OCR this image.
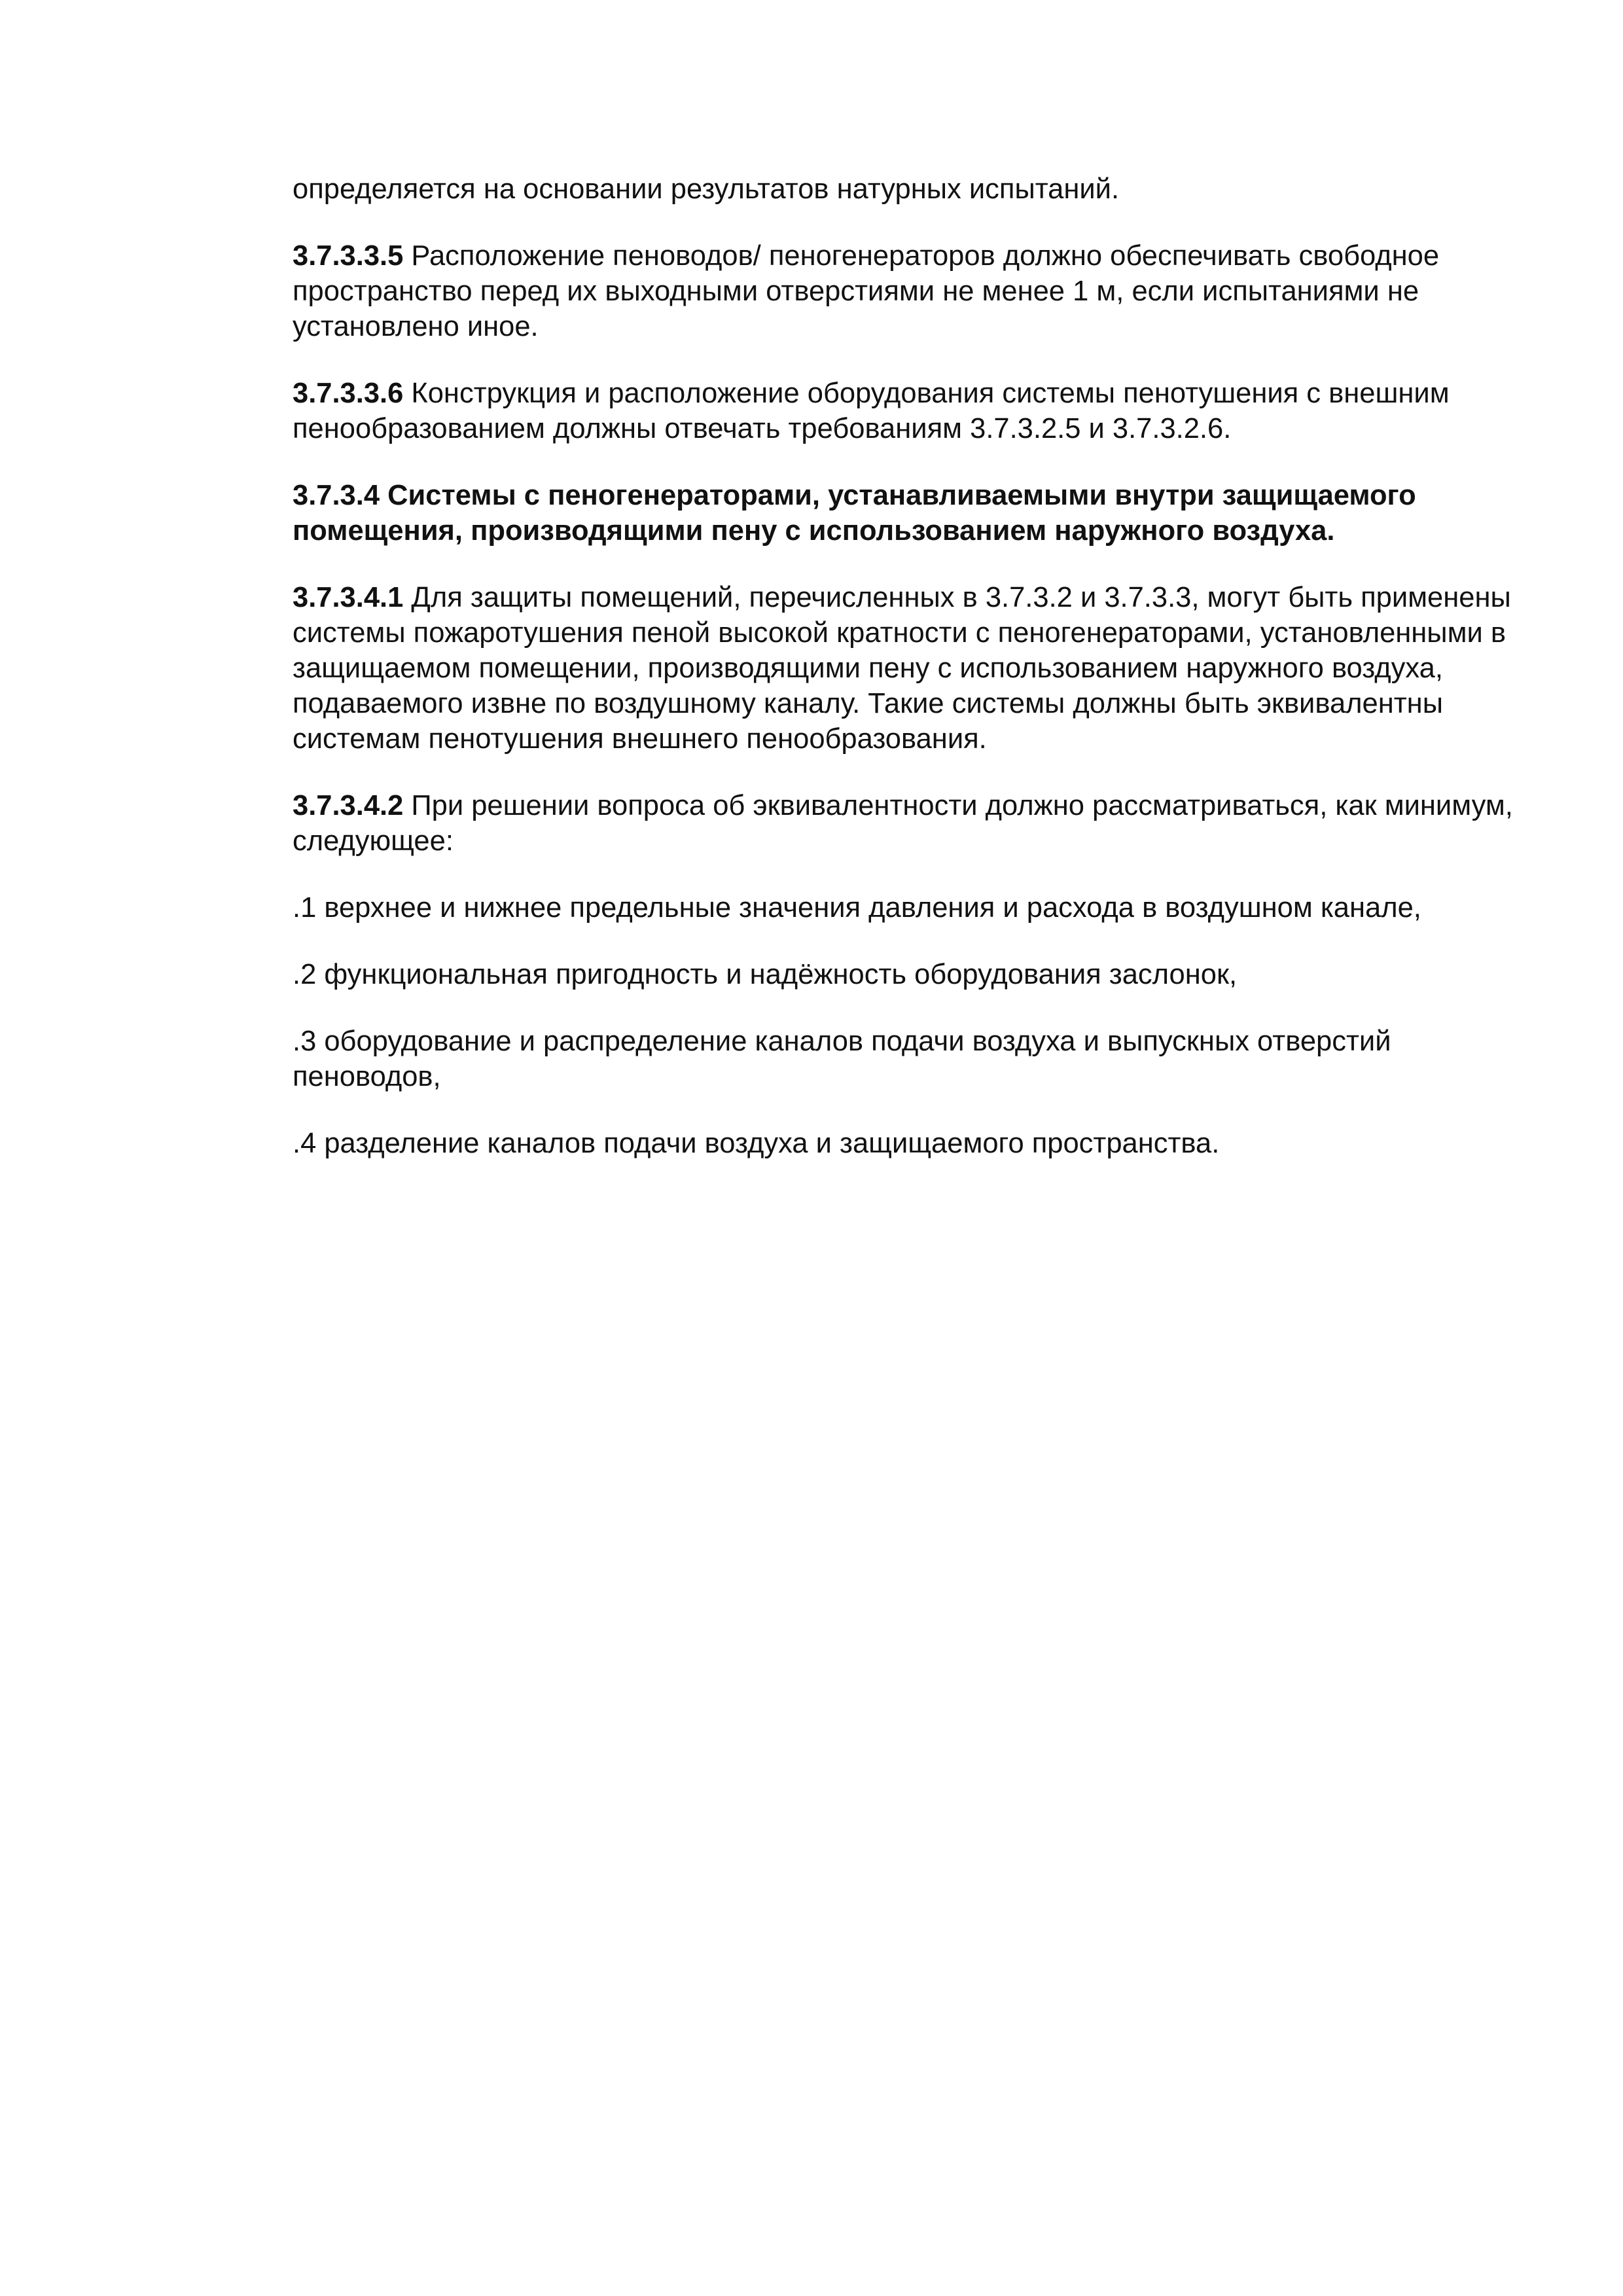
определяется на основании результатов натурных испытаний.

3.7.3.3.5 Расположение пеноводов/ пеногенераторов должно обеспечивать свободное пространство перед их выходными отверстиями не менее 1 м, если испытаниями не установлено иное.

3.7.3.3.6 Конструкция и расположение оборудования системы пенотушения с внешним пенообразованием должны отвечать требованиям 3.7.3.2.5 и 3.7.3.2.6.

3.7.3.4 Системы с пеногенераторами, устанавливаемыми внутри защищаемого помещения, производящими пену с использованием наружного воздуха.

3.7.3.4.1 Для защиты помещений, перечисленных в 3.7.3.2 и 3.7.3.3, могут быть применены системы пожаротушения пеной высокой кратности с пеногенераторами, установленными в защищаемом помещении, производящими пену с использованием наружного воздуха, подаваемого извне по воздушному каналу. Такие системы должны быть эквивалентны системам пенотушения внешнего пенообразования.

3.7.3.4.2 При решении вопроса об эквивалентности должно рассматриваться, как минимум, следующее:

.1 верхнее и нижнее предельные значения давления и расхода в воздушном канале,

.2 функциональная пригодность и надёжность оборудования заслонок,

.3 оборудование и распределение каналов подачи воздуха и выпускных отверстий пеноводов,

.4 разделение каналов подачи воздуха и защищаемого пространства.
